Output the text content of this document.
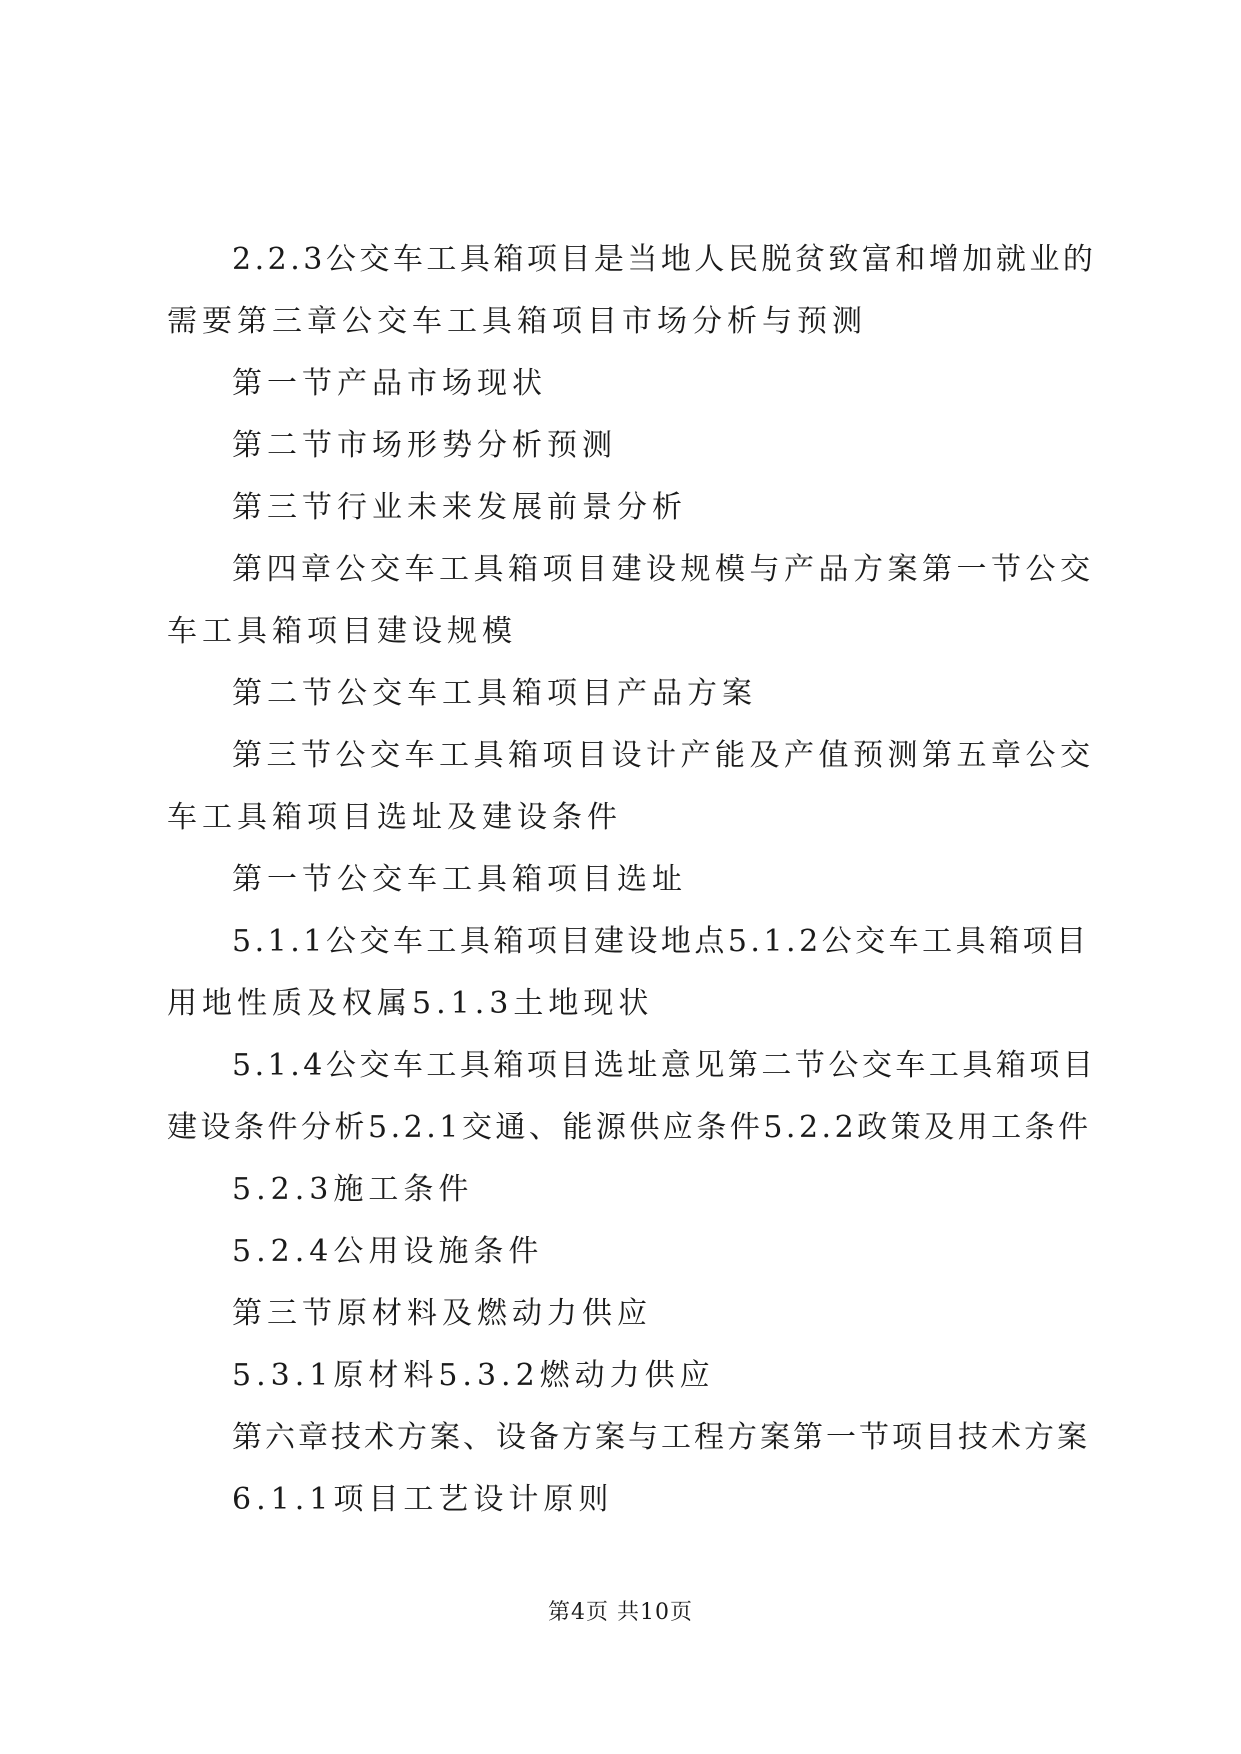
2.2.3公交车工具箱项目是当地人民脱贫致富和增加就业的
需要第三章公交车工具箱项目市场分析与预测
第一节产品市场现状
第二节市场形势分析预测
第三节行业未来发展前景分析
第四章公交车工具箱项目建设规模与产品方案第一节公交
车工具箱项目建设规模
第二节公交车工具箱项目产品方案
第三节公交车工具箱项目设计产能及产值预测第五章公交
车工具箱项目选址及建设条件
第一节公交车工具箱项目选址
5.1.1公交车工具箱项目建设地点5.1.2公交车工具箱项目
用地性质及权属5.1.3土地现状
5.1.4公交车工具箱项目选址意见第二节公交车工具箱项目
建设条件分析5.2.1交通、能源供应条件5.2.2政策及用工条件
5.2.3施工条件
5.2.4公用设施条件
第三节原材料及燃动力供应
5.3.1原材料5.3.2燃动力供应
第六章技术方案、设备方案与工程方案第一节项目技术方案
6.1.1项目工艺设计原则
第4页 共10页
